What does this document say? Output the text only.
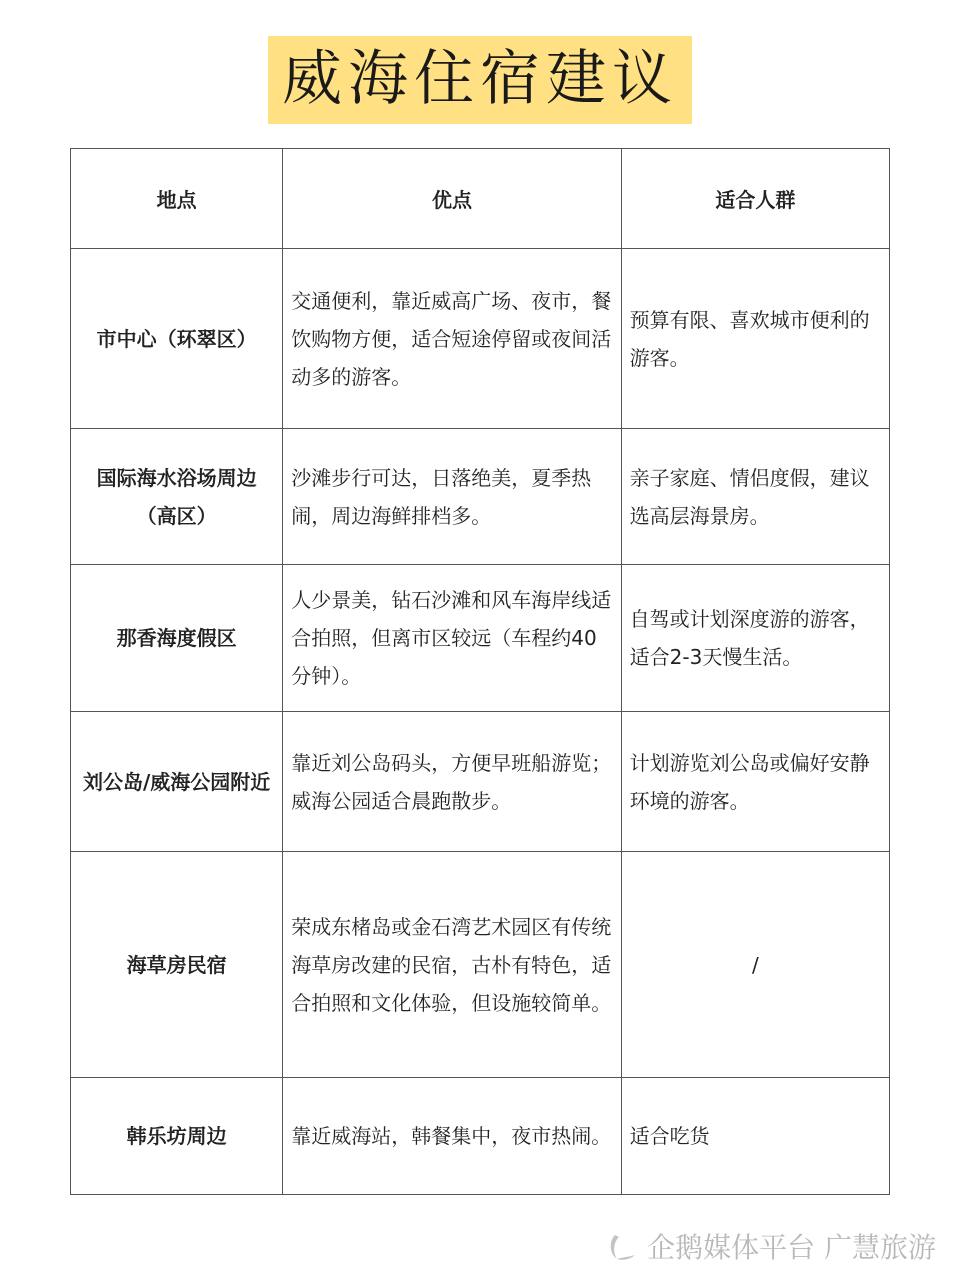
威海住宿建议
地点	优点	适合人群
市中心（环翠区）	交通便利，靠近威高广场、夜市，餐饮购物方便，适合短途停留或夜间活动多的游客。	预算有限、喜欢城市便利的游客。
国际海水浴场周边（高区）	沙滩步行可达，日落绝美，夏季热闹，周边海鲜排档多。	亲子家庭、情侣度假，建议选高层海景房。
那香海度假区	人少景美，钻石沙滩和风车海岸线适合拍照，但离市区较远（车程约40分钟）。	自驾或计划深度游的游客，适合2-3天慢生活。
刘公岛/威海公园附近	靠近刘公岛码头，方便早班船游览；威海公园适合晨跑散步。	计划游览刘公岛或偏好安静环境的游客。
海草房民宿	荣成东楮岛或金石湾艺术园区有传统海草房改建的民宿，古朴有特色，适合拍照和文化体验，但设施较简单。	/
韩乐坊周边	靠近威海站，韩餐集中，夜市热闹。	适合吃货
企鹅媒体平台 广慧旅游
